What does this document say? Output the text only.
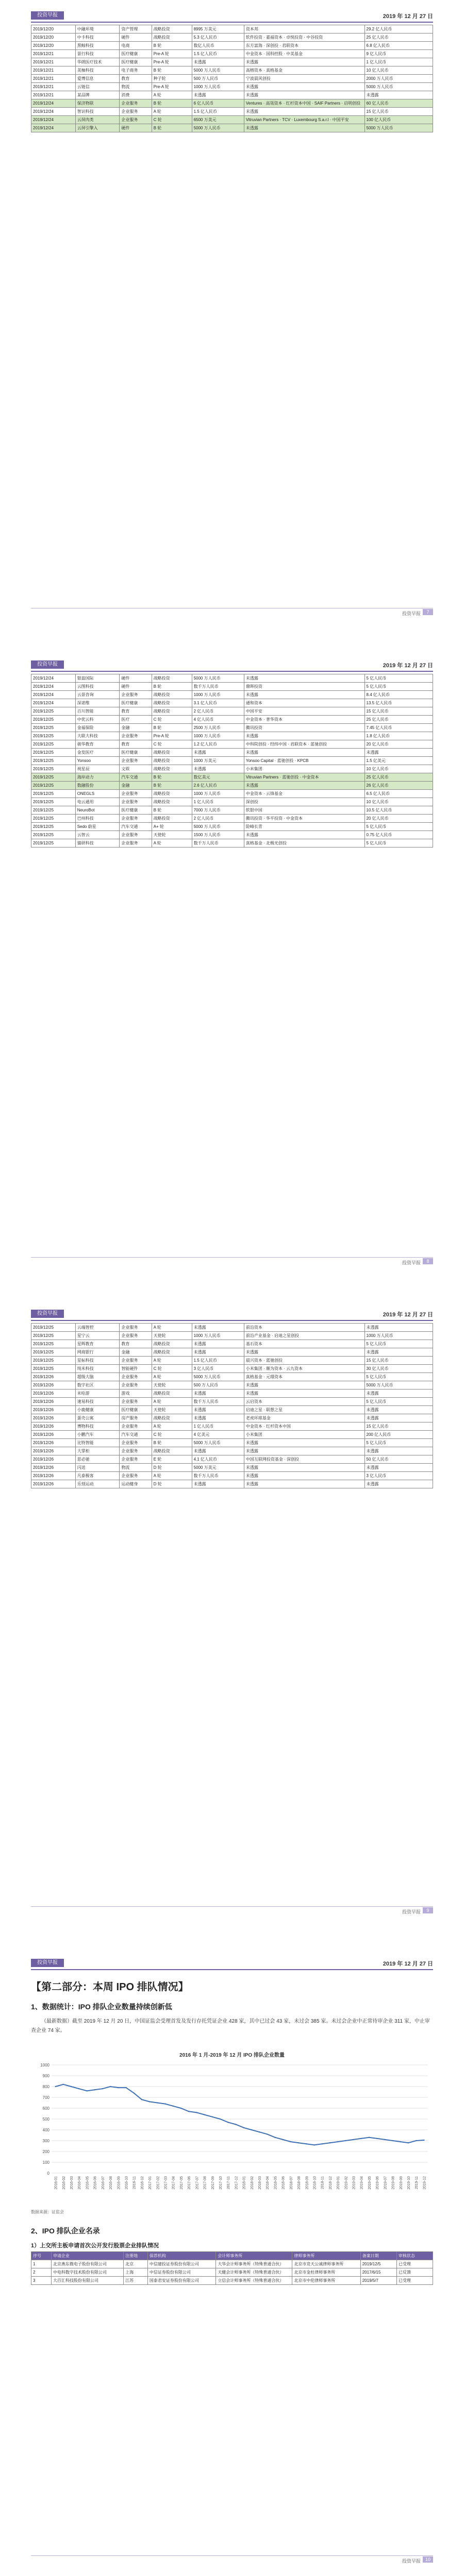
投资早报	2019 年 12 月 27 日
2019/12/20	中融环境	资产管理	战略投资	8995 万美元	资本邦	29.2 亿人民币
2019/12/20	中卡科技	硬件	战略投资	5.3 亿人民币	软件投资 · 嘉福资本 · 卓悦投资 · 中谷投资	25 亿人民币
2019/12/20	黑鲸科技	电商	B 轮	数亿人民币	东方富海 · 深创投 · 君联资本	6.8 亿人民币
2019/12/21	景行科技	医疗健康	Pre-A 轮	1.5 亿人民币	中金资本 · 国科控股 · 中美基金	9 亿人民币
2019/12/21	华朗医疗技术	医疗健康	Pre-A 轮	未透露	未透露	1 亿人民币
2019/12/21	美柚科技	电子商务	B 轮	5000 万人民币	高榕资本 · 真格基金	10 亿人民币
2019/12/21	爱博信息	教育	种子轮	500 万人民币	宁波晨风创投	2000 万人民币
2019/12/21	云链信	物流	Pre-A 轮	1000 万人民币	未透露	5000 万人民币
2019/12/21	某品牌	消费	A 轮	未透露	未透露	未透露
2019/12/24	保济物联	企业服务	B 轮	6 亿人民币	Ventures · 高瓴资本 · 红杉资本中国 · SAIF Partners · 启明创投	60 亿人民币
2019/12/24	智识科技	企业服务	A 轮	1.5 亿人民币	未透露	15 亿人民币
2019/12/24	云屏肉类	企业服务	C 轮	6500 万美元	Vitruvian Partners · TCV · Luxembourg S.a.r.l · 中国平安	100 亿人民币
2019/12/24	云屏引擎入	硬件	B 轮	5000 万人民币	未透露	5000 万人民币
投资早报	7
投资早报	2019 年 12 月 27 日
2019/12/24	银盈国际	硬件	战略投资	5000 万人民币	未透露	5 亿人民币
2019/12/24	云图科技	硬件	B 轮	数千万人民币	鼎晖投资	5 亿人民币
2019/12/24	云景咨询	企业服务	战略投资	1000 万人民币	未透露	8.4 亿人民币
2019/12/24	深诺维	医疗健康	战略投资	3.1 亿人民币	通和资本	13.5 亿人民币
2019/12/25	百川智能	教育	战略投资	2 亿人民币	中国平安	15 亿人民币
2019/12/25	中优云科	医疗	C 轮	4 亿人民币	中金资本 · 普华资本	25 亿人民币
2019/12/25	金福保险	金融	B 轮	2500 万人民币	腾讯投资	7.45 亿人民币
2019/12/25	大联大科技	企业服务	Pre-A 轮	1000 万人民币	未透露	1.8 亿人民币
2019/12/25	骏华教育	教育	C 轮	1.2 亿人民币	中科院创投 · 经纬中国 · 君联资本 · 蓝驰创投	20 亿人民币
2019/12/25	金发医疗	医疗健康	战略投资	未透露	未透露	未透露
2019/12/25	Yonsoo	企业服务	战略投资	1000 万美元	Yonsoo Capital · 蓝驰创投 · KPCB	1.5 亿美元
2019/12/25	视星辰	文娱	战略投资	未透露	小米集团	10 亿人民币
2019/12/25	海岸动力	汽车交通	B 轮	数亿美元	Vitruvian Partners · 蓝驰创投 · 中金资本	25 亿人民币
2019/12/25	数融股份	金融	B 轮	2.6 亿人民币	未透露	26 亿人民币
2019/12/25	ONEGLS	企业服务	战略投资	1000 万人民币	中金资本 · 云锋基金	6.5 亿人民币
2019/12/25	电云通用	企业服务	战略投资	1 亿人民币	深创投	10 亿人民币
2019/12/25	NeuroBot	医疗健康	B 轮	7000 万人民币	软银中国	10.5 亿人民币
2019/12/25	巴州科技	企业服务	战略投资	2 亿人民币	腾讯投资 · 华平投资 · 中金资本	20 亿人民币
2019/12/25	Sedo 蔚星	汽车交通	A+ 轮	5000 万人民币	险峰长青	5 亿人民币
2019/12/25	云智云	企业服务	天使轮	1500 万人民币	未透露	0.75 亿人民币
2019/12/25	猫研科技	企业服务	A 轮	数千万人民币	真格基金 · 北极光创投	5 亿人民币
投资早报	8
投资早报	2019 年 12 月 27 日
2019/12/25	云端智控	企业服务	A 轮	未透露	前沿资本	未透露
2019/12/25	星宁云	企业服务	天使轮	1000 万人民币	前沿产业基金 · 启迪之星创投	1000 万人民币
2019/12/25	星辉教育	教育	战略投资	未透露	基石资本	5 亿人民币
2019/12/25	网商银行	金融	战略投资	未透露	未透露	未透露
2019/12/25	星标科技	企业服务	A 轮	1.5 亿人民币	晨兴资本 · 蓝驰创投	15 亿人民币
2019/12/25	纯米科技	智能硬件	C 轮	3 亿人民币	小米集团 · 顺为资本 · 云九资本	30 亿人民币
2019/12/26	超级大脑	企业服务	A 轮	5000 万人民币	真格基金 · 元璟资本	5 亿人民币
2019/12/26	数字社区	企业服务	天使轮	500 万人民币	未透露	5000 万人民币
2019/12/26	米哈游	游戏	战略投资	未透露	未透露	未透露
2019/12/26	速易科技	企业服务	A 轮	数千万人民币	云启资本	5 亿人民币
2019/12/26	小鹿健康	医疗健康	天使轮	未透露	启迪之星 · 联想之星	未透露
2019/12/26	蛋壳公寓	房产服务	战略投资	未透露	老虎环球基金	未透露
2019/12/26	博物科技	企业服务	A 轮	1 亿人民币	中金资本 · 红杉资本中国	15 亿人民币
2019/12/26	小鹏汽车	汽车交通	C 轮	4 亿美元	小米集团	200 亿人民币
2019/12/26	比特智能	企业服务	B 轮	5000 万人民币	未透露	5 亿人民币
2019/12/26	大掌柜	企业服务	战略投资	未透露	未透露	未透露
2019/12/26	思必驰	企业服务	E 轮	4.1 亿人民币	中国互联网投资基金 · 深创投	50 亿人民币
2019/12/26	闪送	物流	D 轮	5000 万美元	未透露	未透露
2019/12/26	凡泰极客	企业服务	A 轮	数千万人民币	未透露	3 亿人民币
2019/12/26	乐刻运动	运动健身	D 轮	未透露	未透露	未透露
投资早报	9
投资早报	2019 年 12 月 27 日
【第二部分：本周 IPO 排队情况】
1、数据统计：IPO 排队企业数量持续创新低
（最新数据）截至 2019 年 12 月 20 日，中国证监会受理首发及发行存托凭证企业 428 家，其中已过会 43 家，未过会 385 家。未过会企业中正常待审企业 311 家，中止审查企业 74 家。
2016 年 1 月-2019 年 12 月 IPO 排队企业数量
1000
900
800
700
600
500
400
300
200
100
0
2016-01 2016-02 2016-03 2016-04 2016-05 2016-06 2016-07 2016-08 2016-09 2016-10 2016-11 2016-12 2017-01 2017-02 2017-03 2017-04 2017-05 2017-06 2017-07 2017-08 2017-09 2017-10 2017-11 2017-12 2018-01 2018-02 2018-03 2018-04 2018-05 2018-06 2018-07 2018-08 2018-09 2018-10 2018-11 2018-12 2019-01 2019-02 2019-03 2019-04 2019-05 2019-06 2019-07 2019-08 2019-09 2019-10 2019-11 2019-12
数据来源：证监会
2、IPO 排队企业名录
1）上交所主板申请首次公开发行股票企业排队情况
序号	申请企业	注册地	保荐机构	会计师事务所	律师事务所	备案日期	审核状态
1	北京燕东微电子股份有限公司	北京	中信建投证券股份有限公司	大华会计师事务所（特殊普通合伙）	北京市竞天公诚律师事务所	2019/12/5	已受理
2	中电科数字技术股份有限公司	上海	中信证券股份有限公司	天健会计师事务所（特殊普通合伙）	北京市金杜律师事务所	2017/6/15	已反馈
3	大百汇科技股份有限公司	江苏	国泰君安证券股份有限公司	立信会计师事务所（特殊普通合伙）	北京市中伦律师事务所	2019/5/7	已受理
投资早报 10
